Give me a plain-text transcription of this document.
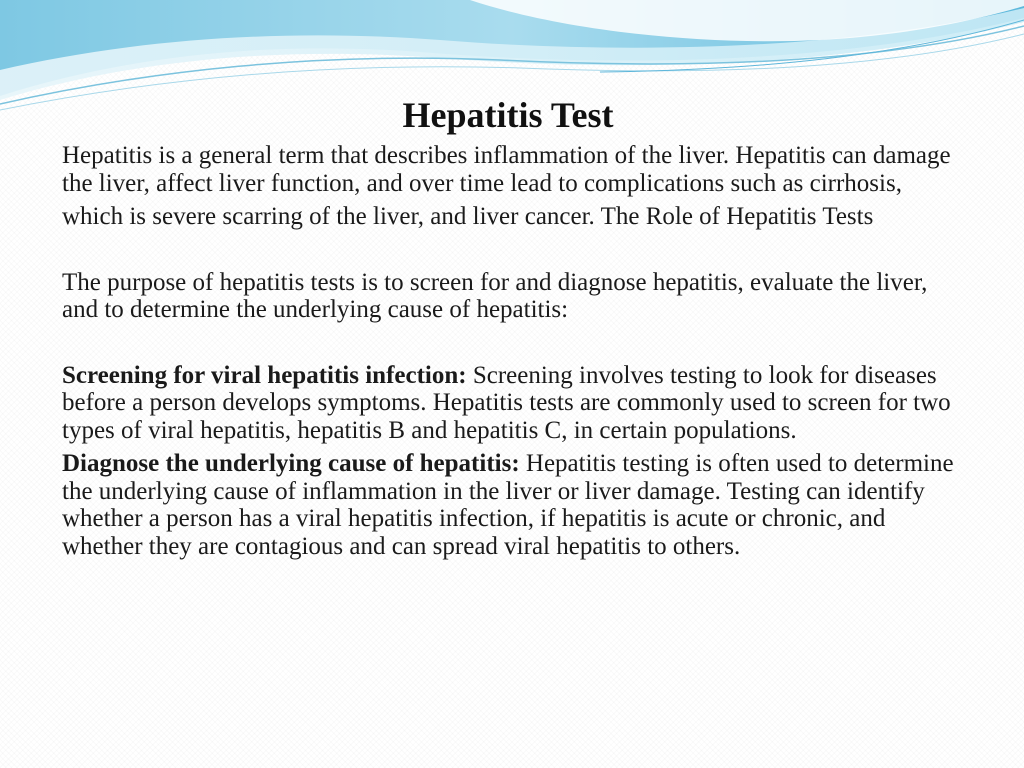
Hepatitis Test

Hepatitis is a general term that describes inflammation of the liver. Hepatitis can damage the liver, affect liver function, and over time lead to complications such as cirrhosis,

which is severe scarring of the liver, and liver cancer. The Role of Hepatitis Tests

The purpose of hepatitis tests is to screen for and diagnose hepatitis, evaluate the liver, and to determine the underlying cause of hepatitis:

Screening for viral hepatitis infection: Screening involves testing to look for diseases before a person develops symptoms. Hepatitis tests are commonly used to screen for two types of viral hepatitis, hepatitis B and hepatitis C, in certain populations.

Diagnose the underlying cause of hepatitis: Hepatitis testing is often used to determine the underlying cause of inflammation in the liver or liver damage. Testing can identify whether a person has a viral hepatitis infection, if hepatitis is acute or chronic, and whether they are contagious and can spread viral hepatitis to others.
